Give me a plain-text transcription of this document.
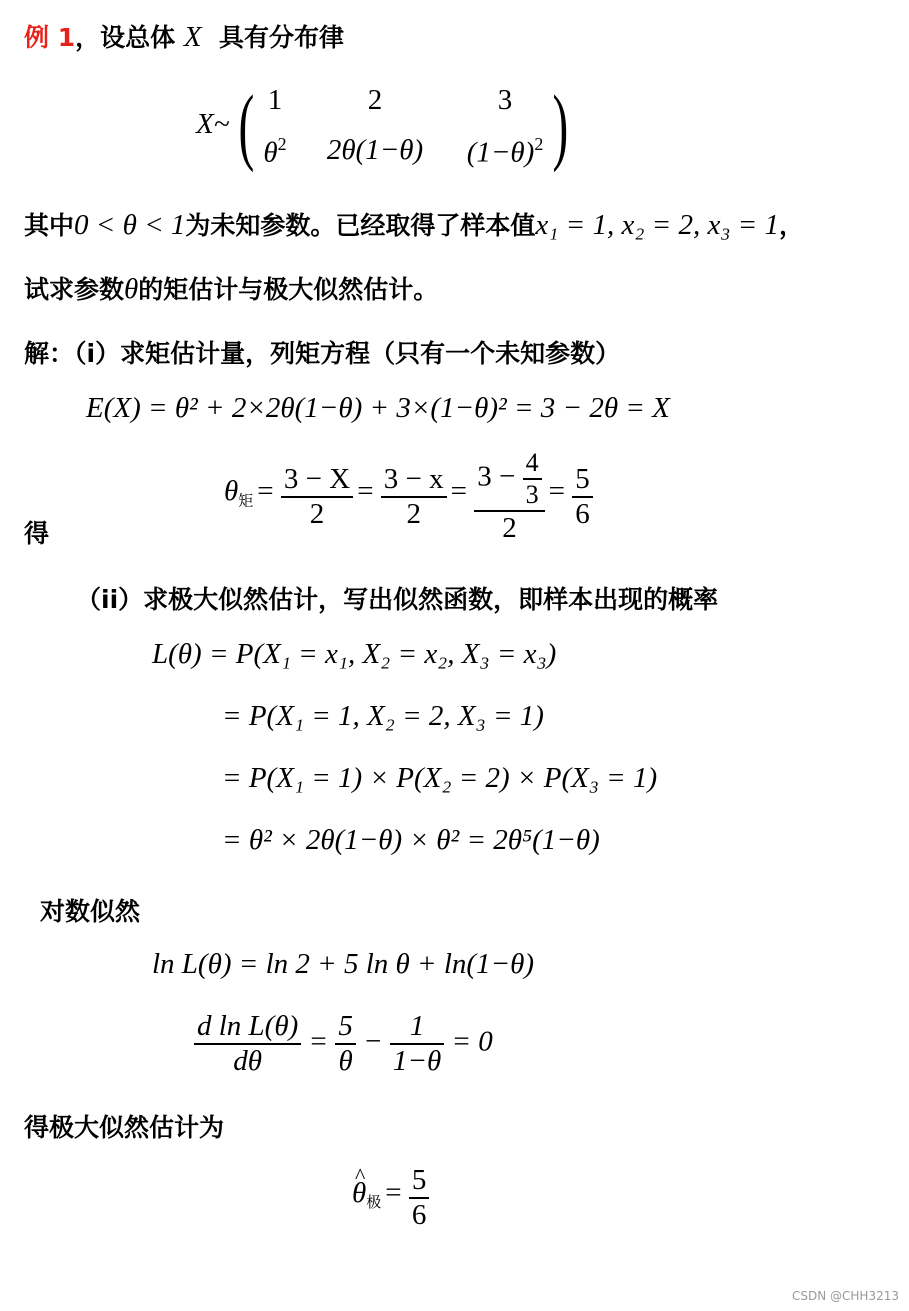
例 1，设总体 X 具有分布律
X~ (	)
1	2	3
$\theta^2$	2θ(1−θ)	$(1-\theta)^2$
其中0 < θ < 1为未知参数。已经取得了样本值x₁ = 1, x₂ = 2, x₃ = 1，
试求参数θ的矩估计与极大似然估计。
解：（i）求矩估计量，列矩方程（只有一个未知参数）
E(X) = θ² + 2×2θ(1−θ) + 3×(1−θ)² = 3 − 2θ = X
得
$\theta_矩 = \frac{3 - X}{2} = \frac{3 - x}{2} = \frac{3 - \frac{4}{3}}{2} = \frac{5}{6}$
（ii）求极大似然估计，写出似然函数，即样本出现的概率
L(θ) = P(X₁ = x₁, X₂ = x₂, X₃ = x₃)
= P(X₁ = 1, X₂ = 2, X₃ = 1)
= P(X₁ = 1) × P(X₂ = 2) × P(X₃ = 1)
= θ² × 2θ(1−θ) × θ² = 2θ⁵(1−θ)
对数似然
ln L(θ) = ln 2 + 5 ln θ + ln(1−θ)
$\frac{\text{d ln L(θ)}}{d\theta} = \frac{5}{\theta} - \frac{1}{1-\theta} = 0$
得极大似然估计为
^ $\theta_极 = \frac{5}{6}$
CSDN @CHH3213
